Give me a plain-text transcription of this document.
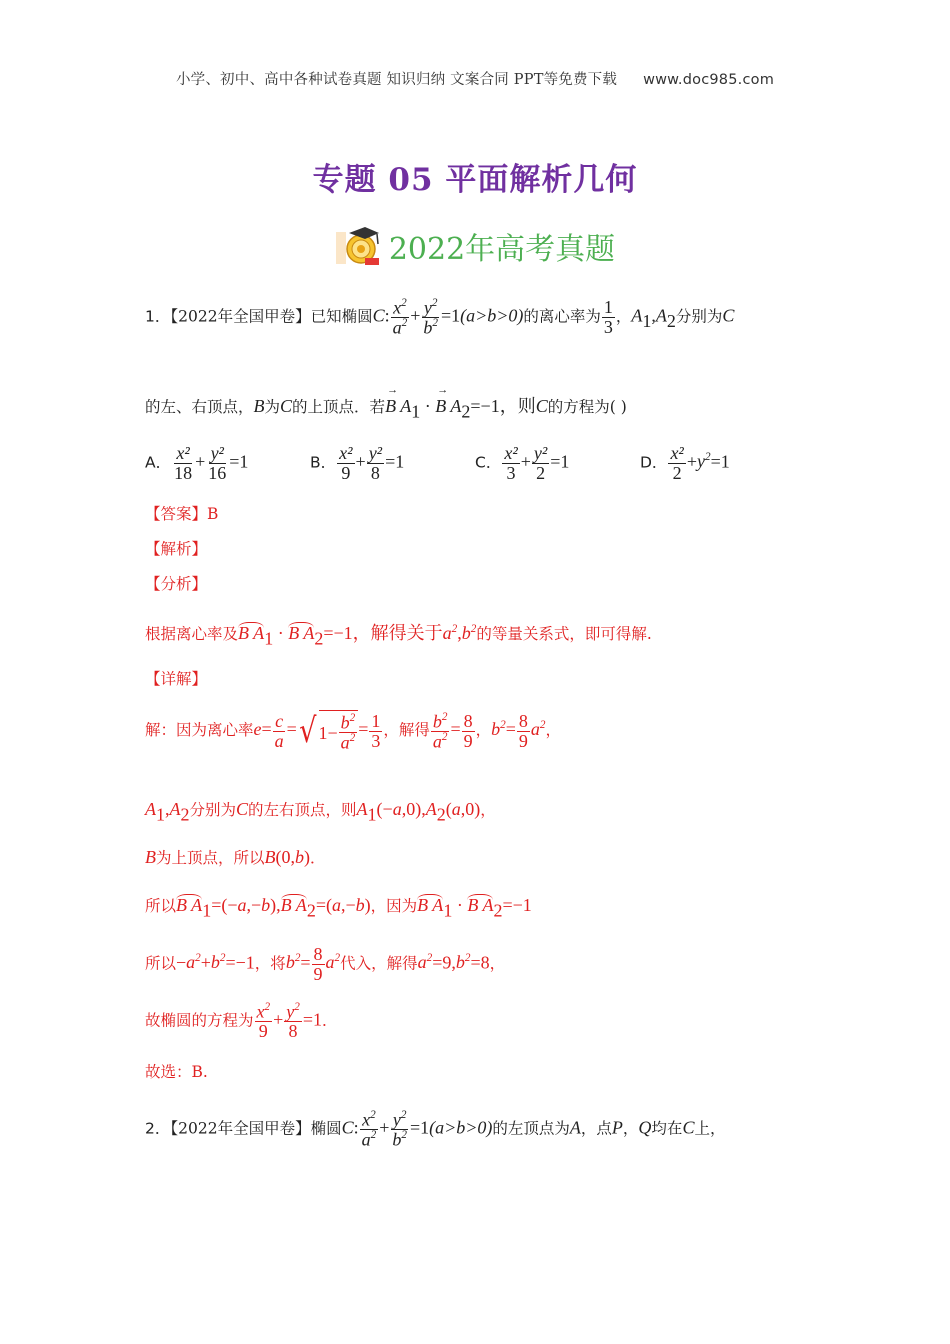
小学、初中、高中各种试卷真题 知识归纳 文案合同 PPT等免费下载 www.doc985.com
专题 05 平面解析几何
2022年高考真题
1．【2022年全国甲卷】已知椭圆C: $\frac{x^2}{a^2} + \frac{y^2}{b^2} =1(a>b>0)$的离心率为 $\frac{1}{3}$ ，$A_1,A_2$分别为C
的左、右顶点，B为C的上顶点．若
→
B $A_1$ ·
→
B $A_2=-1$，则C的方程为( )
A． $\frac{\text{x²}}{18} + \frac{\text{y²}}{16} =1$	B． $\frac{\text{x²}}{9} + \frac{\text{y²}}{8} =1$	C． $\frac{\text{x²}}{3} + \frac{\text{y²}}{2} =1$	D． $\frac{\text{x²}}{2} +y^2=1$
【答案】B
【解析】
【分析】
根据离心率及B $A_1 \cdot B$ $A_2=-1$，解得关于$a^2,b^2$的等量关系式，即可得解.
【详解】
解：因为离心率$e= \frac{c}{a}$ = √ $1- \frac{b^2}{a^2} = \frac{1}{3}$ ，解得 $\frac{b^2}{a^2} = \frac{8}{9}$ ，$b^2= \frac{8}{9} a^2$，
$A_1,A_2$分别为C的左右顶点，则$A_1(-a,0),A_2(a,0)$，
B为上顶点，所以B(0,b)．
所以B $A_1=(-a,-b),B$ $A_2=(a,-b)$，因为B $A_1 \cdot B$ $A_2=-1$
所以$-a^2+b^2=-1$，将$b^2= \frac{8}{9} a^2$代入，解得$a^2=9,b^2=8$，
故椭圆的方程为 $\frac{x^2}{9} + \frac{y^2}{8} =1$．
故选：B.
2．【2022年全国甲卷】椭圆C: $\frac{x^2}{a^2} + \frac{y^2}{b^2} =1(a>b>0)$的左顶点为A，点P，Q均在C上，
